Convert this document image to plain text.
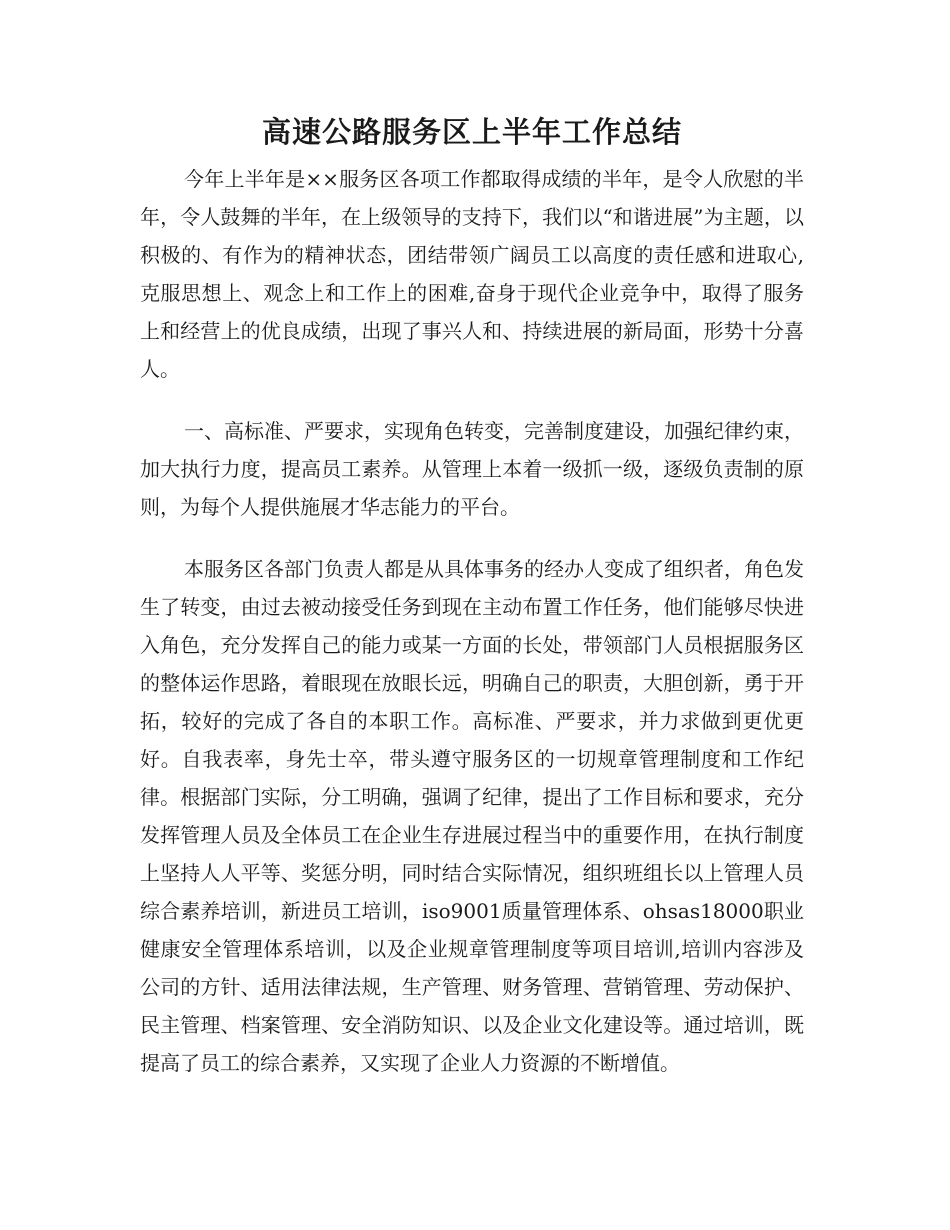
高速公路服务区上半年工作总结

今年上半年是××服务区各项工作都取得成绩的半年，是令人欣慰的半年，令人鼓舞的半年，在上级领导的支持下，我们以“和谐进展”为主题，以积极的、有作为的精神状态，团结带领广阔员工以高度的责任感和进取心,克服思想上、观念上和工作上的困难,奋身于现代企业竞争中，取得了服务上和经营上的优良成绩，出现了事兴人和、持续进展的新局面，形势十分喜人。

一、高标准、严要求，实现角色转变，完善制度建设，加强纪律约束，加大执行力度，提高员工素养。从管理上本着一级抓一级，逐级负责制的原则，为每个人提供施展才华志能力的平台。

本服务区各部门负责人都是从具体事务的经办人变成了组织者，角色发生了转变，由过去被动接受任务到现在主动布置工作任务，他们能够尽快进入角色，充分发挥自己的能力或某一方面的长处，带领部门人员根据服务区的整体运作思路，着眼现在放眼长远，明确自己的职责，大胆创新，勇于开拓，较好的完成了各自的本职工作。高标准、严要求，并力求做到更优更好。自我表率，身先士卒，带头遵守服务区的一切规章管理制度和工作纪律。根据部门实际，分工明确，强调了纪律，提出了工作目标和要求，充分发挥管理人员及全体员工在企业生存进展过程当中的重要作用，在执行制度上坚持人人平等、奖惩分明，同时结合实际情况，组织班组长以上管理人员综合素养培训，新进员工培训，iso9001质量管理体系、ohsas18000职业健康安全管理体系培训，以及企业规章管理制度等项目培训,培训内容涉及公司的方针、适用法律法规，生产管理、财务管理、营销管理、劳动保护、民主管理、档案管理、安全消防知识、以及企业文化建设等。通过培训，既提高了员工的综合素养，又实现了企业人力资源的不断增值。
